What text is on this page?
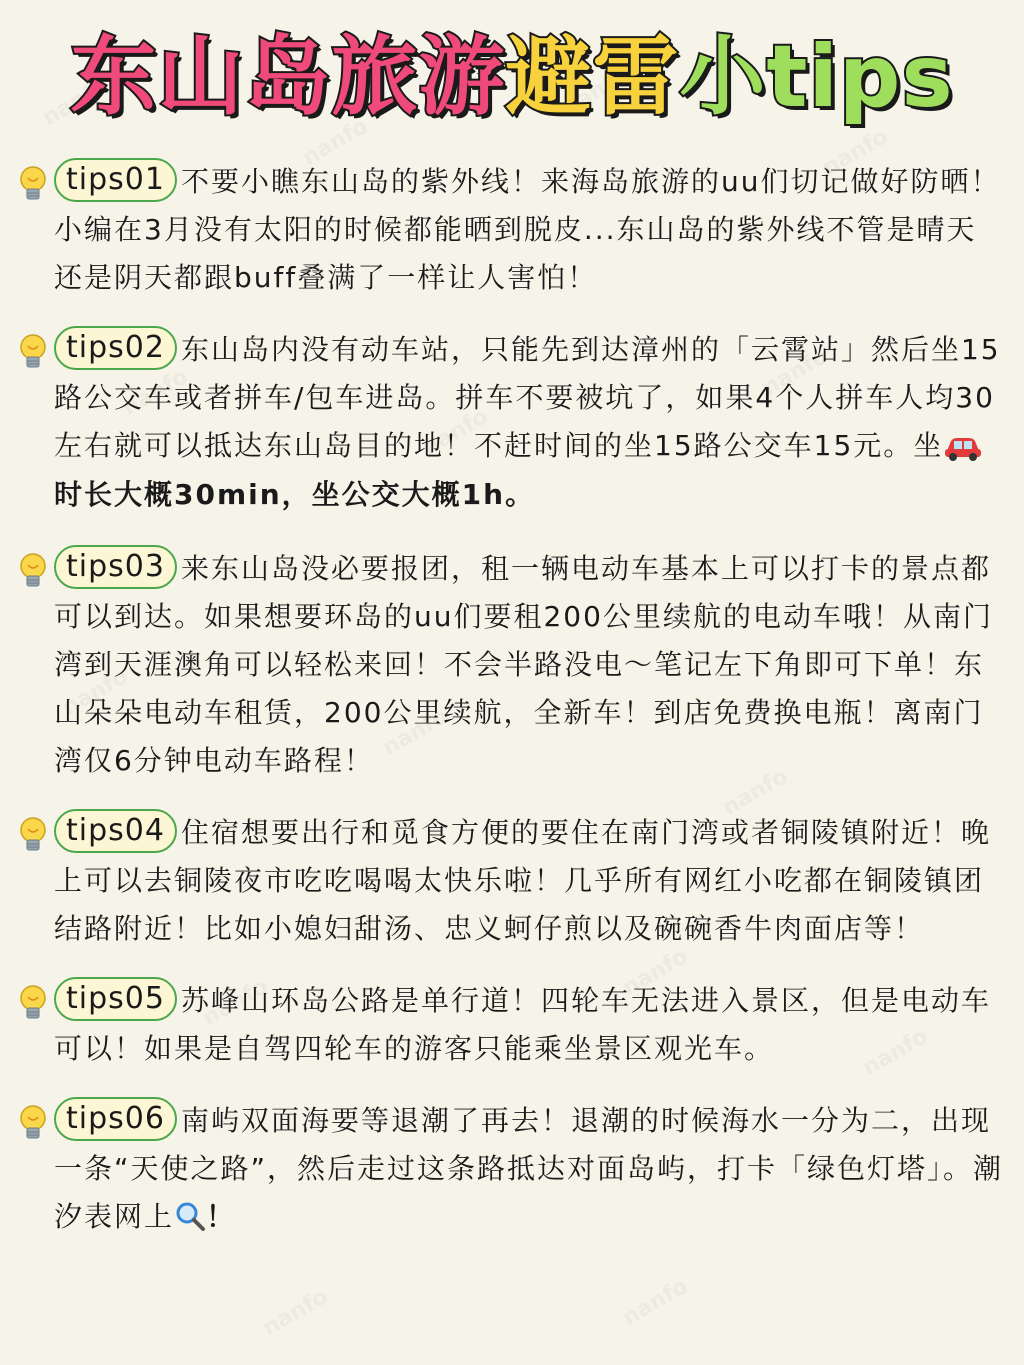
东山岛旅游避雷小tips
tips01 不要小瞧东山岛的紫外线！来海岛旅游的uu们切记做好防晒！小编在3月没有太阳的时候都能晒到脱皮...东山岛的紫外线不管是晴天还是阴天都跟buff叠满了一样让人害怕！

tips02 东山岛内没有动车站，只能先到达漳州的「云霄站」然后坐15路公交车或者拼车/包车进岛。拼车不要被坑了，如果4个人拼车人均30左右就可以抵达东山岛目的地！不赶时间的坐15路公交车15元。坐

时长大概30min，坐公交大概1h。

tips03 来东山岛没必要报团，租一辆电动车基本上可以打卡的景点都可以到达。如果想要环岛的uu们要租200公里续航的电动车哦！从南门湾到天涯澳角可以轻松来回！不会半路没电～笔记左下角即可下单！东山朵朵电动车租赁，200公里续航，全新车！到店免费换电瓶！离南门湾仅6分钟电动车路程！

tips04 住宿想要出行和觅食方便的要住在南门湾或者铜陵镇附近！晚上可以去铜陵夜市吃吃喝喝太快乐啦！几乎所有网红小吃都在铜陵镇团结路附近！比如小媳妇甜汤、忠义蚵仔煎以及碗碗香牛肉面店等！

tips05 苏峰山环岛公路是单行道！四轮车无法进入景区，但是电动车可以！如果是自驾四轮车的游客只能乘坐景区观光车。

tips06 南屿双面海要等退潮了再去！退潮的时候海水一分为二，出现一条“天使之路”，然后走过这条路抵达对面岛屿，打卡「绿色灯塔」。潮汐表网上 ！
